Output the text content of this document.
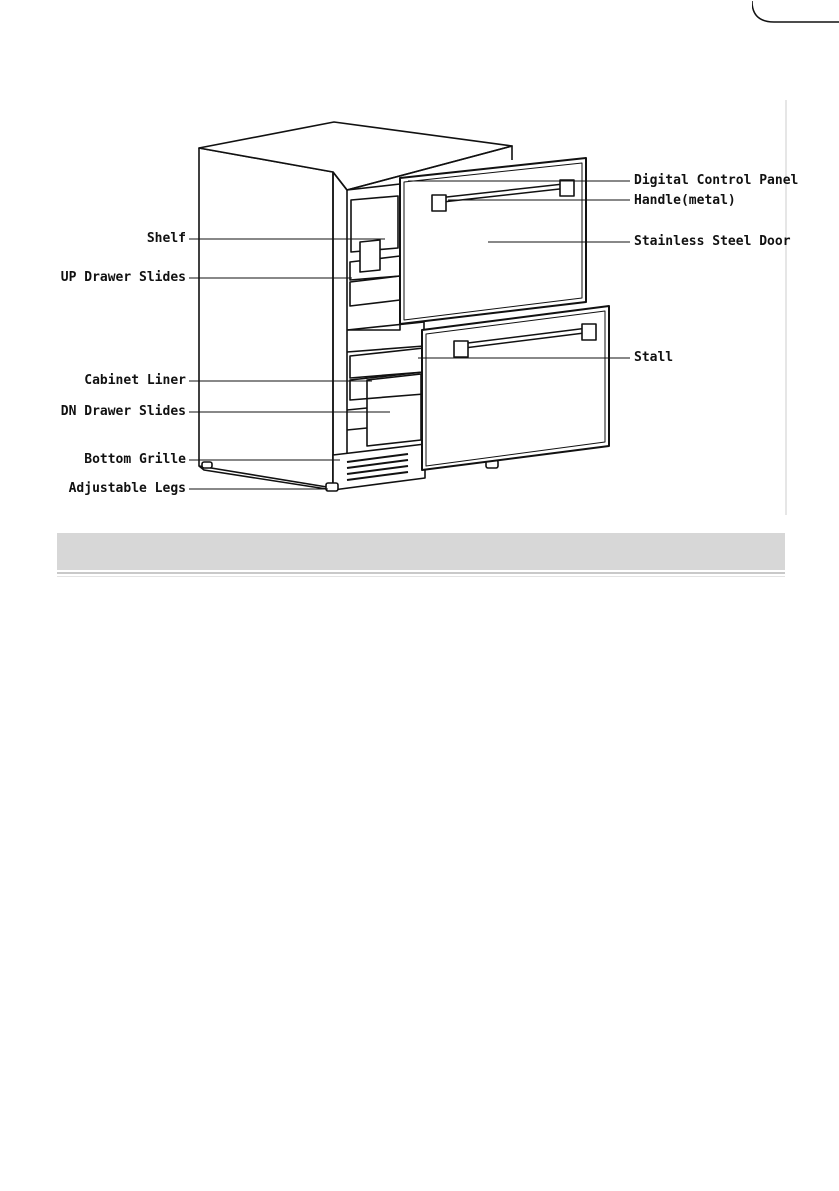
Shelf
UP Drawer Slides
Cabinet Liner
DN Drawer Slides
Bottom Grille
Adjustable Legs
Digital Control Panel
Handle(metal)
Stainless Steel Door
Stall
